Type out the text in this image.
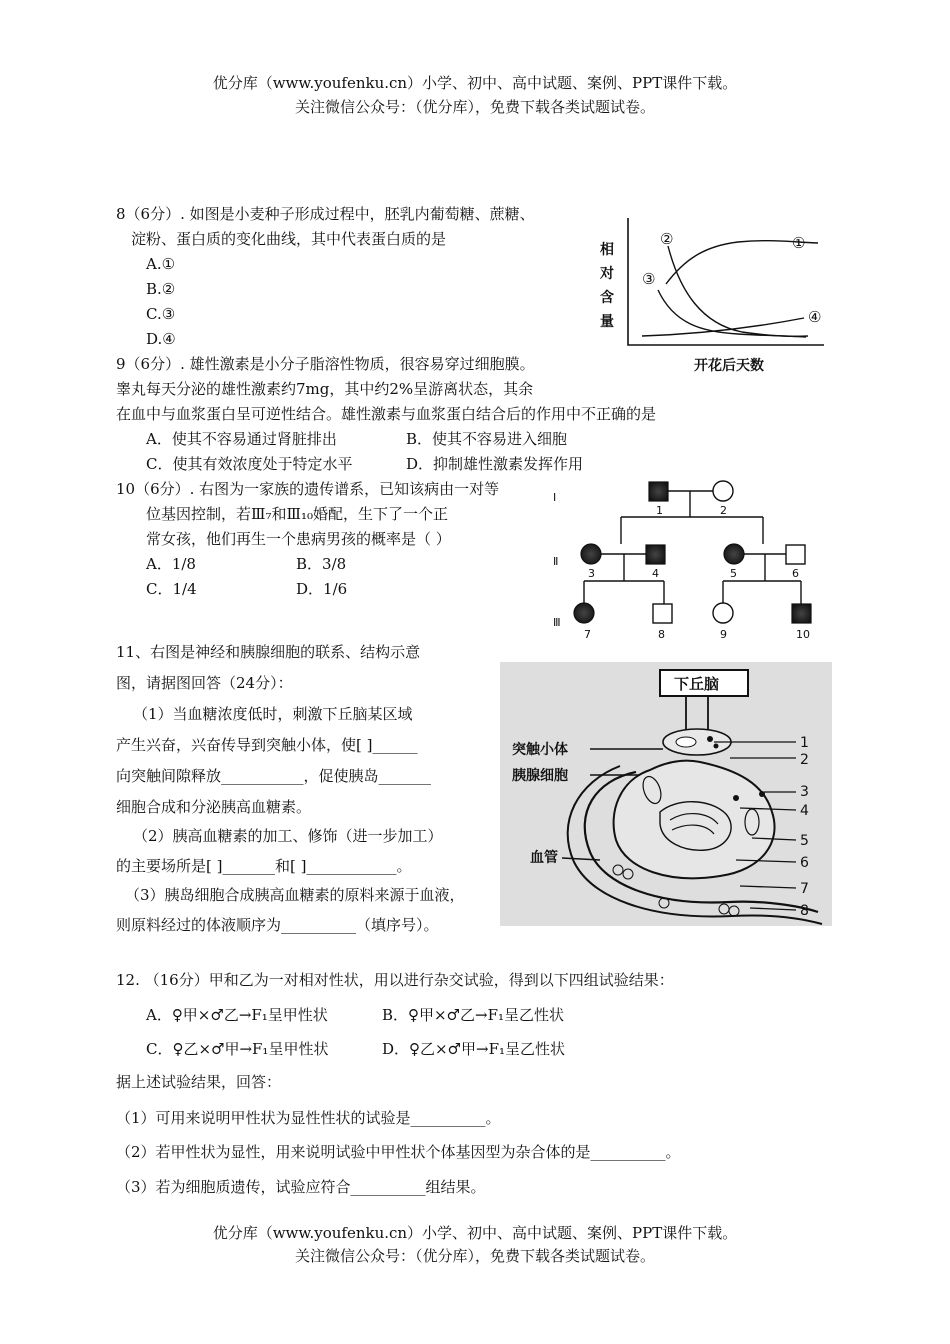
优分库（www.youfenku.cn）小学、初中、高中试题、案例、PPT课件下载。
关注微信公众号：（优分库），免费下载各类试题试卷。
8（6分）. 如图是小麦种子形成过程中，胚乳内葡萄糖、蔗糖、
淀粉、蛋白质的变化曲线，其中代表蛋白质的是
A.①
B.②
C.③
D.④
相
对
含
量
开花后天数
①
②
③
④
9（6分）. 雄性激素是小分子脂溶性物质，很容易穿过细胞膜。
睾丸每天分泌的雄性激素约7mg，其中约2%呈游离状态，其余
在血中与血浆蛋白呈可逆性结合。雄性激素与血浆蛋白结合后的作用中不正确的是
A．使其不容易通过肾脏排出	B．使其不容易进入细胞
C．使其有效浓度处于特定水平	D．抑制雄性激素发挥作用
10（6分）. 右图为一家族的遗传谱系，已知该病由一对等
位基因控制，若Ⅲ₇和Ⅲ₁₀婚配，生下了一个正
常女孩，他们再生一个患病男孩的概率是（ ）
A．1/8	B．3/8
C．1/4	D．1/6
Ⅰ
Ⅱ
Ⅲ
1	2
3	4	5	6
7	8	9	10
11、右图是神经和胰腺细胞的联系、结构示意
图，请据图回答（24分）：
（1）当血糖浓度低时，刺激下丘脑某区域
产生兴奋，兴奋传导到突触小体，使[ ]______
向突触间隙释放___________，促使胰岛_______
细胞合成和分泌胰高血糖素。
（2）胰高血糖素的加工、修饰（进一步加工）
的主要场所是[ ]_______和[ ]____________。
（3）胰岛细胞合成胰高血糖素的原料来源于血液，
则原料经过的体液顺序为__________（填序号）。
下丘脑
突触小体
胰腺细胞
血管
1
2
3
4
5
6
7
8
12. （16分）甲和乙为一对相对性状，用以进行杂交试验，得到以下四组试验结果：
A．♀甲×♂乙→F₁呈甲性状	B．♀甲×♂乙→F₁呈乙性状
C．♀乙×♂甲→F₁呈甲性状	D．♀乙×♂甲→F₁呈乙性状
据上述试验结果，回答：
（1）可用来说明甲性状为显性性状的试验是__________。
（2）若甲性状为显性，用来说明试验中甲性状个体基因型为杂合体的是__________。
（3）若为细胞质遗传，试验应符合__________组结果。
优分库（www.youfenku.cn）小学、初中、高中试题、案例、PPT课件下载。
关注微信公众号：（优分库），免费下载各类试题试卷。
